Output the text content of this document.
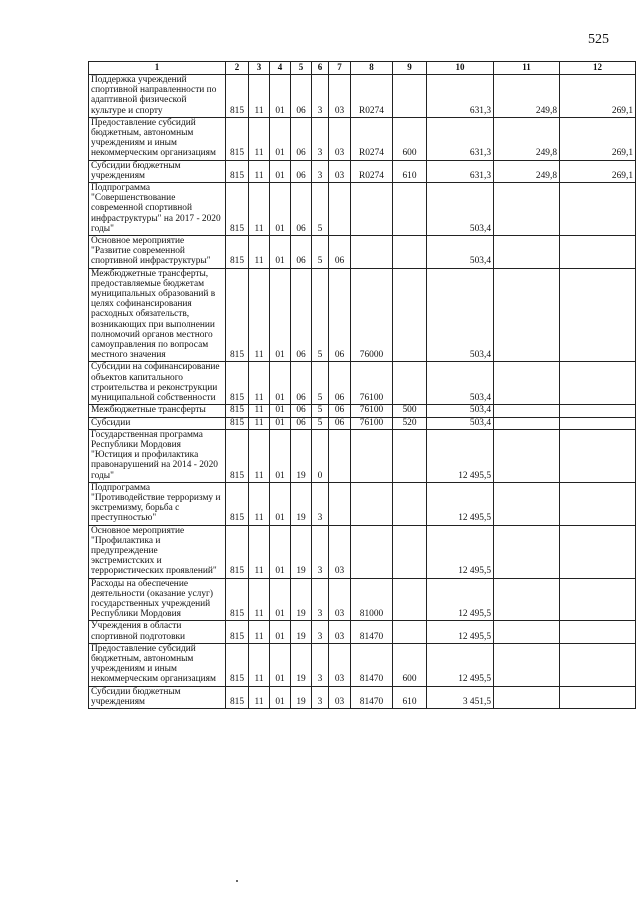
525
1	2	3	4	5	6	7	8	9	10	11	12
Поддержка учреждений спортивной направленности по адаптивной физической культуре и спорту	815	11	01	06	3	03	R0274		631,3	249,8	269,1
Предоставление субсидий бюджетным, автономным учреждениям и иным некоммерческим организациям	815	11	01	06	3	03	R0274	600	631,3	249,8	269,1
Субсидии бюджетным учреждениям	815	11	01	06	3	03	R0274	610	631,3	249,8	269,1
Подпрограмма "Совершенствование современной спортивной инфраструктуры" на 2017 - 2020 годы"	815	11	01	06	5				503,4		
Основное мероприятие "Развитие современной спортивной инфраструктуры"	815	11	01	06	5	06			503,4		
Межбюджетные трансферты, предоставляемые бюджетам муниципальных образований в целях софинансирования расходных обязательств, возникающих при выполнении полномочий органов местного самоуправления по вопросам местного значения	815	11	01	06	5	06	76000		503,4		
Субсидии на софинансирование объектов капитального строительства и реконструкции муниципальной собственности	815	11	01	06	5	06	76100		503,4		
Межбюджетные трансферты	815	11	01	06	5	06	76100	500	503,4		
Субсидии	815	11	01	06	5	06	76100	520	503,4		
Государственная программа Республики Мордовия "Юстиция и профилактика правонарушений на 2014 - 2020 годы"	815	11	01	19	0				12 495,5		
Подпрограмма "Противодействие терроризму и экстремизму, борьба с преступностью"	815	11	01	19	3				12 495,5		
Основное мероприятие "Профилактика и предупреждение экстремистских и террористических проявлений"	815	11	01	19	3	03			12 495,5		
Расходы на обеспечение деятельности (оказание услуг) государственных учреждений Республики Мордовия	815	11	01	19	3	03	81000		12 495,5		
Учреждения в области спортивной подготовки	815	11	01	19	3	03	81470		12 495,5		
Предоставление субсидий бюджетным, автономным учреждениям и иным некоммерческим организациям	815	11	01	19	3	03	81470	600	12 495,5		
Субсидии бюджетным учреждениям	815	11	01	19	3	03	81470	610	3 451,5		
